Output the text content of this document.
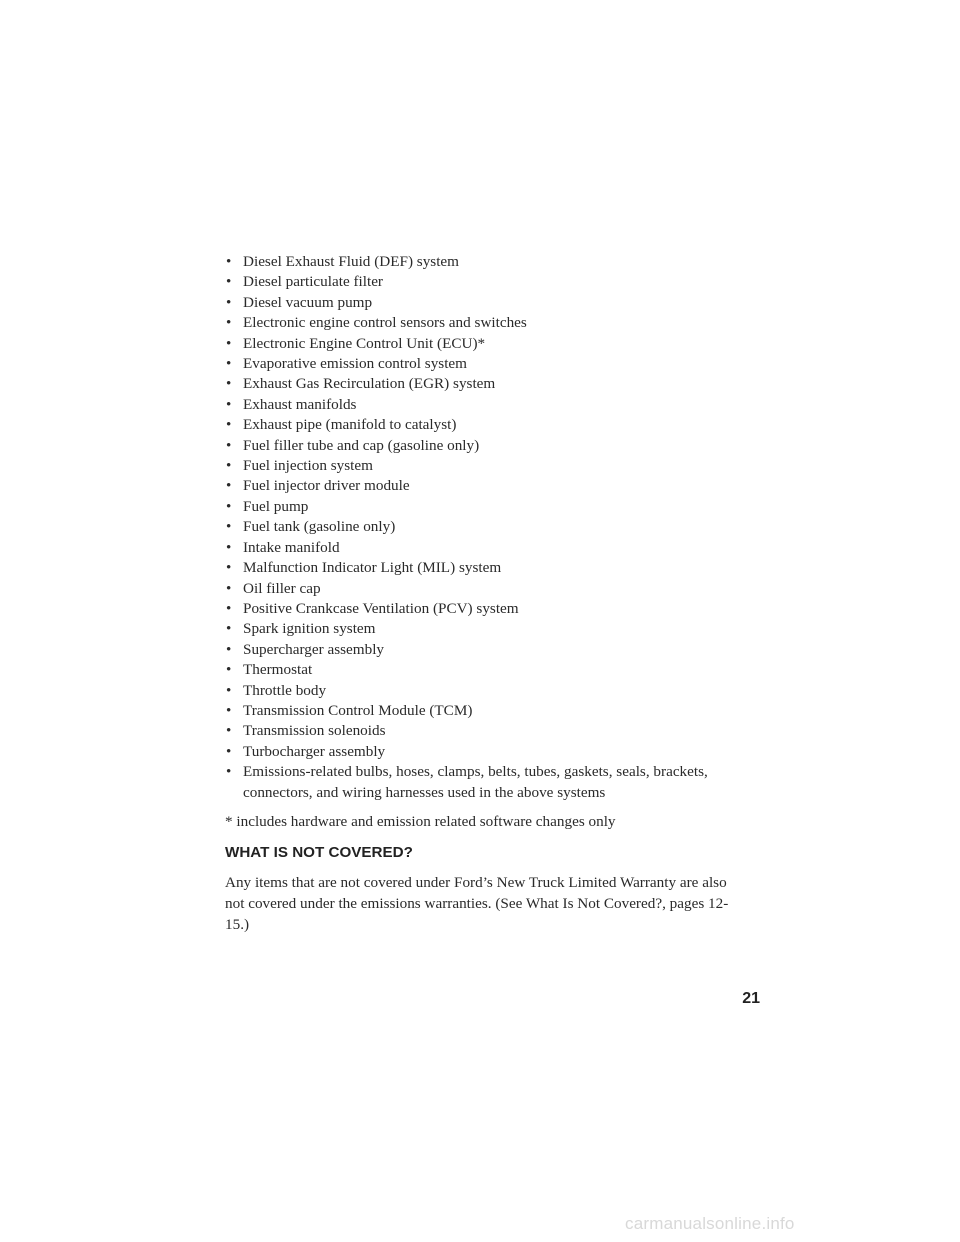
• Diesel Exhaust Fluid (DEF) system
• Diesel particulate filter
• Diesel vacuum pump
• Electronic engine control sensors and switches
• Electronic Engine Control Unit (ECU)*
• Evaporative emission control system
• Exhaust Gas Recirculation (EGR) system
• Exhaust manifolds
• Exhaust pipe (manifold to catalyst)
• Fuel filler tube and cap (gasoline only)
• Fuel injection system
• Fuel injector driver module
• Fuel pump
• Fuel tank (gasoline only)
• Intake manifold
• Malfunction Indicator Light (MIL) system
• Oil filler cap
• Positive Crankcase Ventilation (PCV) system
• Spark ignition system
• Supercharger assembly
• Thermostat
• Throttle body
• Transmission Control Module (TCM)
• Transmission solenoids
• Turbocharger assembly
• Emissions-related bulbs, hoses, clamps, belts, tubes, gaskets, seals, brackets, connectors, and wiring harnesses used in the above systems
* includes hardware and emission related software changes only
WHAT IS NOT COVERED?
Any items that are not covered under Ford’s New Truck Limited Warranty are also not covered under the emissions warranties. (See What Is Not Covered?, pages 12-15.)
21
carmanualsonline.info
